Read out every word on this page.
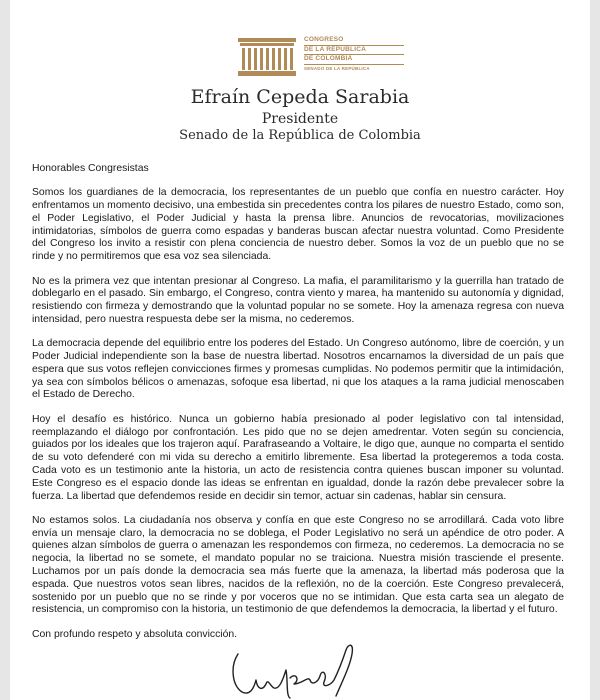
CONGRESO
DE LA REPÚBLICA
DE COLOMBIA
SENADO DE LA REPÚBLICA
Efraín Cepeda Sarabia
Presidente
Senado de la República de Colombia

Honorables Congresistas

Somos los guardianes de la democracia, los representantes de un pueblo que confía en nuestro carácter. Hoy enfrentamos un momento decisivo, una embestida sin precedentes contra los pilares de nuestro Estado, como son, el Poder Legislativo, el Poder Judicial y hasta la prensa libre. Anuncios de revocatorias, movilizaciones intimidatorias, símbolos de guerra como espadas y banderas buscan afectar nuestra voluntad. Como Presidente del Congreso los invito a resistir con plena conciencia de nuestro deber. Somos la voz de un pueblo que no se rinde y no permitiremos que esa voz sea silenciada.

No es la primera vez que intentan presionar al Congreso. La mafia, el paramilitarismo y la guerrilla han tratado de doblegarlo en el pasado. Sin embargo, el Congreso, contra viento y marea, ha mantenido su autonomía y dignidad, resistiendo con firmeza y demostrando que la voluntad popular no se somete. Hoy la amenaza regresa con nueva intensidad, pero nuestra respuesta debe ser la misma, no cederemos.

La democracia depende del equilibrio entre los poderes del Estado. Un Congreso autónomo, libre de coerción, y un Poder Judicial independiente son la base de nuestra libertad. Nosotros encarnamos la diversidad de un país que espera que sus votos reflejen convicciones firmes y promesas cumplidas. No podemos permitir que la intimidación, ya sea con símbolos bélicos o amenazas, sofoque esa libertad, ni que los ataques a la rama judicial menoscaben el Estado de Derecho.

Hoy el desafío es histórico. Nunca un gobierno había presionado al poder legislativo con tal intensidad, reemplazando el diálogo por confrontación. Les pido que no se dejen amedrentar. Voten según su conciencia, guiados por los ideales que los trajeron aquí. Parafraseando a Voltaire, le digo que, aunque no comparta el sentido de su voto defenderé con mi vida su derecho a emitirlo libremente. Esa libertad la protegeremos a toda costa. Cada voto es un testimonio ante la historia, un acto de resistencia contra quienes buscan imponer su voluntad. Este Congreso es el espacio donde las ideas se enfrentan en igualdad, donde la razón debe prevalecer sobre la fuerza. La libertad que defendemos reside en decidir sin temor, actuar sin cadenas, hablar sin censura.

No estamos solos. La ciudadanía nos observa y confía en que este Congreso no se arrodillará. Cada voto libre envía un mensaje claro, la democracia no se doblega, el Poder Legislativo no será un apéndice de otro poder. A quienes alzan símbolos de guerra o amenazan les respondemos con firmeza, no cederemos. La democracia no se negocia, la libertad no se somete, el mandato popular no se traiciona. Nuestra misión trasciende el presente. Luchamos por un país donde la democracia sea más fuerte que la amenaza, la libertad más poderosa que la espada. Que nuestros votos sean libres, nacidos de la reflexión, no de la coerción. Este Congreso prevalecerá, sostenido por un pueblo que no se rinde y por voceros que no se intimidan. Que esta carta sea un alegato de resistencia, un compromiso con la historia, un testimonio de que defendemos la democracia, la libertad y el futuro.

Con profundo respeto y absoluta convicción.
